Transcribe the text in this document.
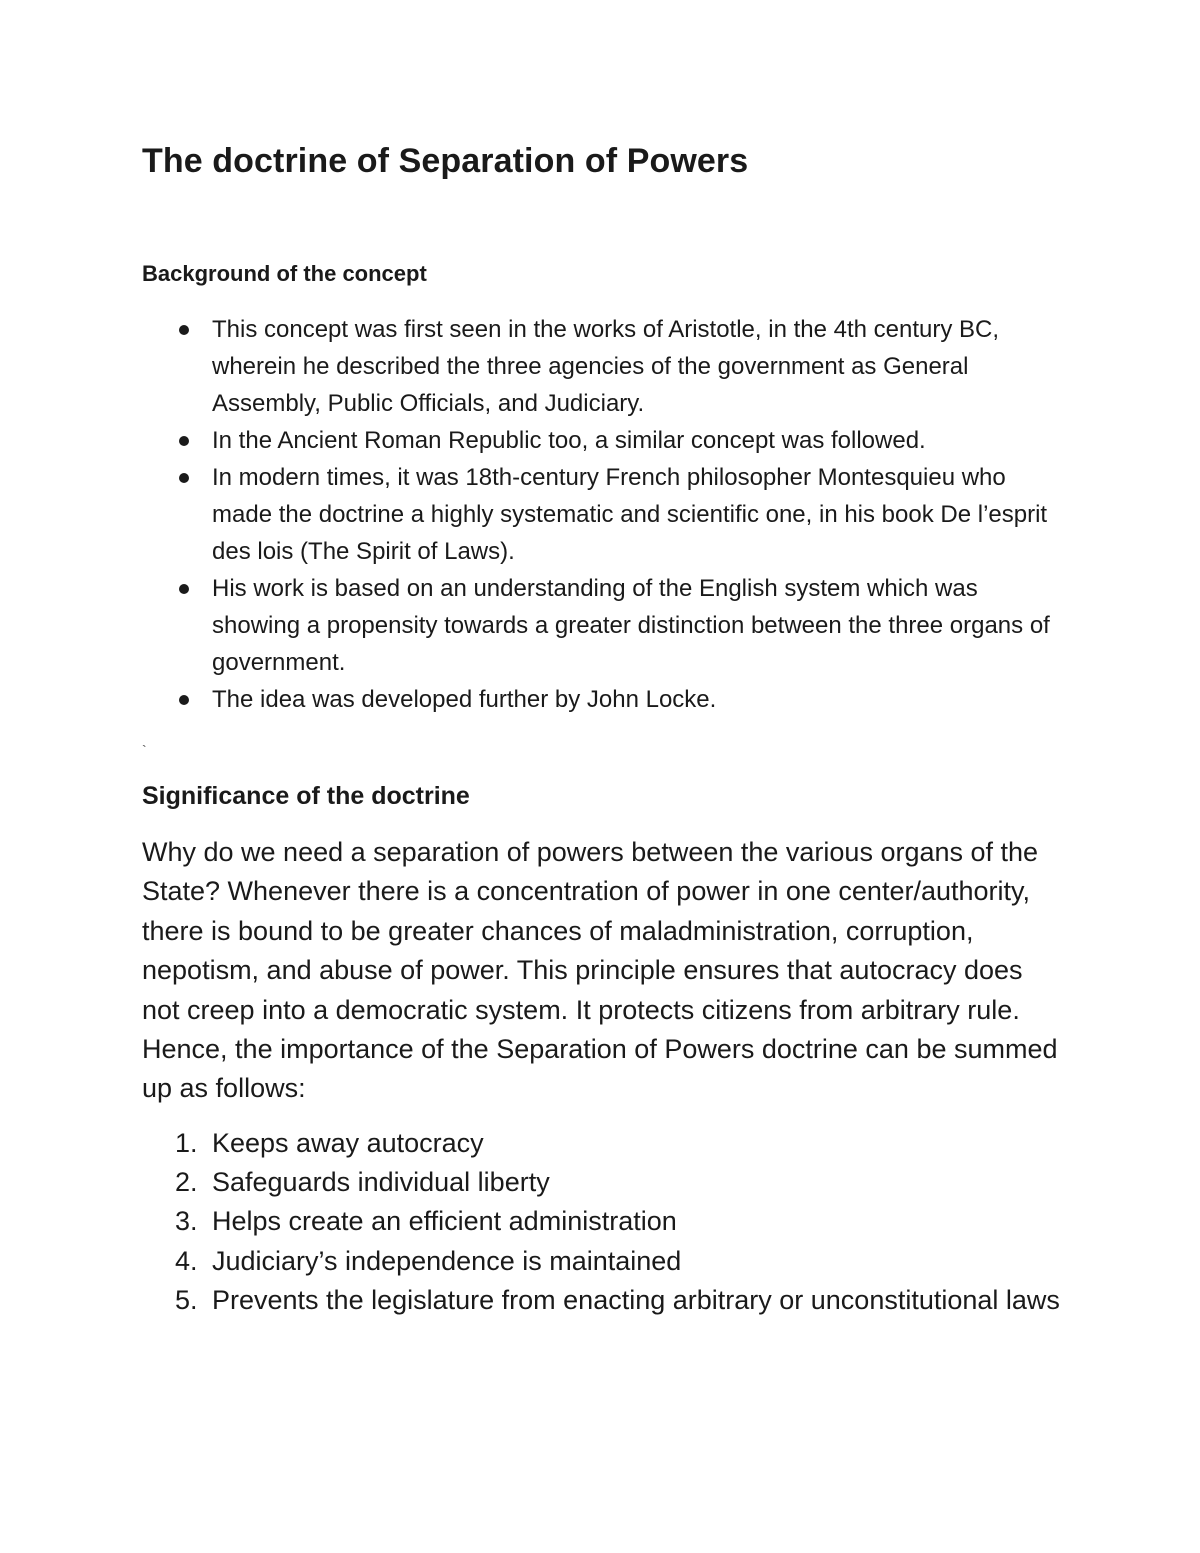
The doctrine of Separation of Powers
Background of the concept
This concept was first seen in the works of Aristotle, in the 4th century BC, wherein he described the three agencies of the government as General Assembly, Public Officials, and Judiciary.
In the Ancient Roman Republic too, a similar concept was followed.
In modern times, it was 18th-century French philosopher Montesquieu who made the doctrine a highly systematic and scientific one, in his book De l’esprit des lois (The Spirit of Laws).
His work is based on an understanding of the English system which was showing a propensity towards a greater distinction between the three organs of government.
The idea was developed further by John Locke.
`
Significance of the doctrine

Why do we need a separation of powers between the various organs of the State? Whenever there is a concentration of power in one center/authority, there is bound to be greater chances of maladministration, corruption, nepotism, and abuse of power. This principle ensures that autocracy does not creep into a democratic system. It protects citizens from arbitrary rule. Hence, the importance of the Separation of Powers doctrine can be summed up as follows:

1. Keeps away autocracy
2. Safeguards individual liberty
3. Helps create an efficient administration
4. Judiciary’s independence is maintained
5. Prevents the legislature from enacting arbitrary or unconstitutional laws
